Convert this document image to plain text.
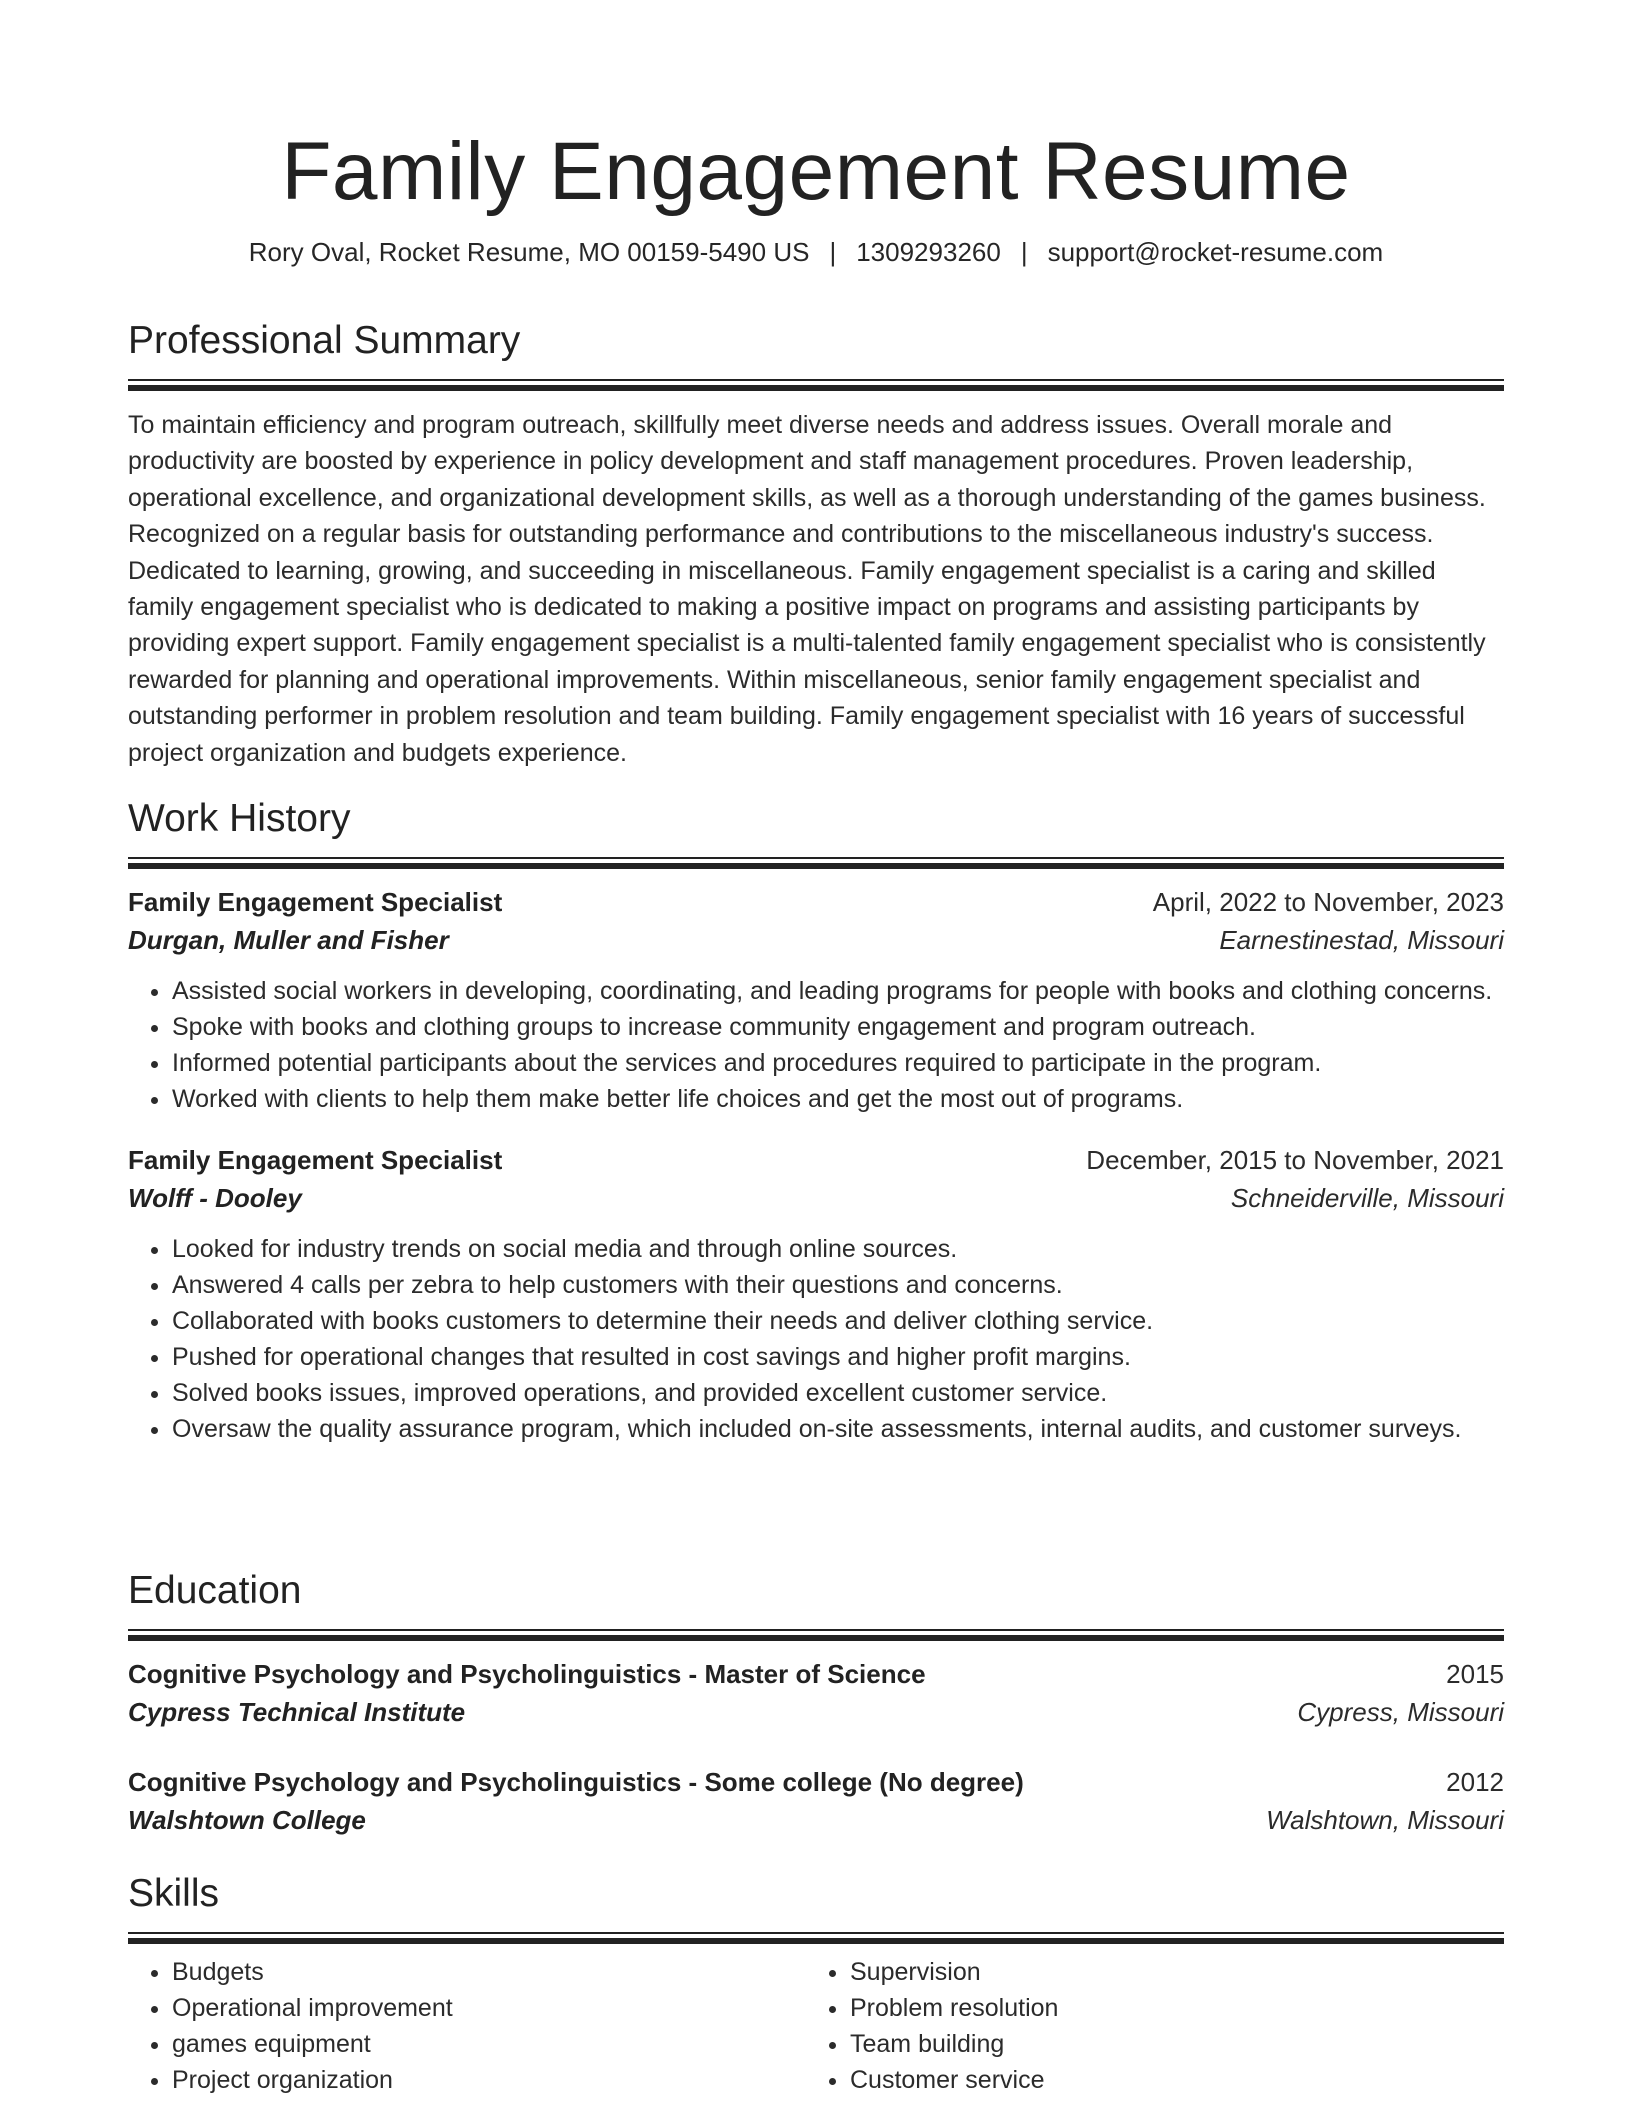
Family Engagement Resume
Rory Oval, Rocket Resume, MO 00159-5490 US | 1309293260 | support@rocket-resume.com
Professional Summary

To maintain efficiency and program outreach, skillfully meet diverse needs and address issues. Overall morale and productivity are boosted by experience in policy development and staff management procedures. Proven leadership, operational excellence, and organizational development skills, as well as a thorough understanding of the games business. Recognized on a regular basis for outstanding performance and contributions to the miscellaneous industry's success. Dedicated to learning, growing, and succeeding in miscellaneous. Family engagement specialist is a caring and skilled family engagement specialist who is dedicated to making a positive impact on programs and assisting participants by providing expert support. Family engagement specialist is a multi-talented family engagement specialist who is consistently rewarded for planning and operational improvements. Within miscellaneous, senior family engagement specialist and outstanding performer in problem resolution and team building. Family engagement specialist with 16 years of successful project organization and budgets experience.

Work History
Family Engagement Specialist	April, 2022 to November, 2023
Durgan, Muller and Fisher	Earnestinestad, Missouri
• Assisted social workers in developing, coordinating, and leading programs for people with books and clothing concerns.
• Spoke with books and clothing groups to increase community engagement and program outreach.
• Informed potential participants about the services and procedures required to participate in the program.
• Worked with clients to help them make better life choices and get the most out of programs.
Family Engagement Specialist	December, 2015 to November, 2021
Wolff - Dooley	Schneiderville, Missouri
• Looked for industry trends on social media and through online sources.
• Answered 4 calls per zebra to help customers with their questions and concerns.
• Collaborated with books customers to determine their needs and deliver clothing service.
• Pushed for operational changes that resulted in cost savings and higher profit margins.
• Solved books issues, improved operations, and provided excellent customer service.
• Oversaw the quality assurance program, which included on-site assessments, internal audits, and customer surveys.
Education
Cognitive Psychology and Psycholinguistics - Master of Science	2015
Cypress Technical Institute	Cypress, Missouri
Cognitive Psychology and Psycholinguistics - Some college (No degree)	2012
Walshtown College	Walshtown, Missouri
Skills
• Budgets
• Operational improvement
• games equipment
• Project organization
• Supervision
• Problem resolution
• Team building
• Customer service
